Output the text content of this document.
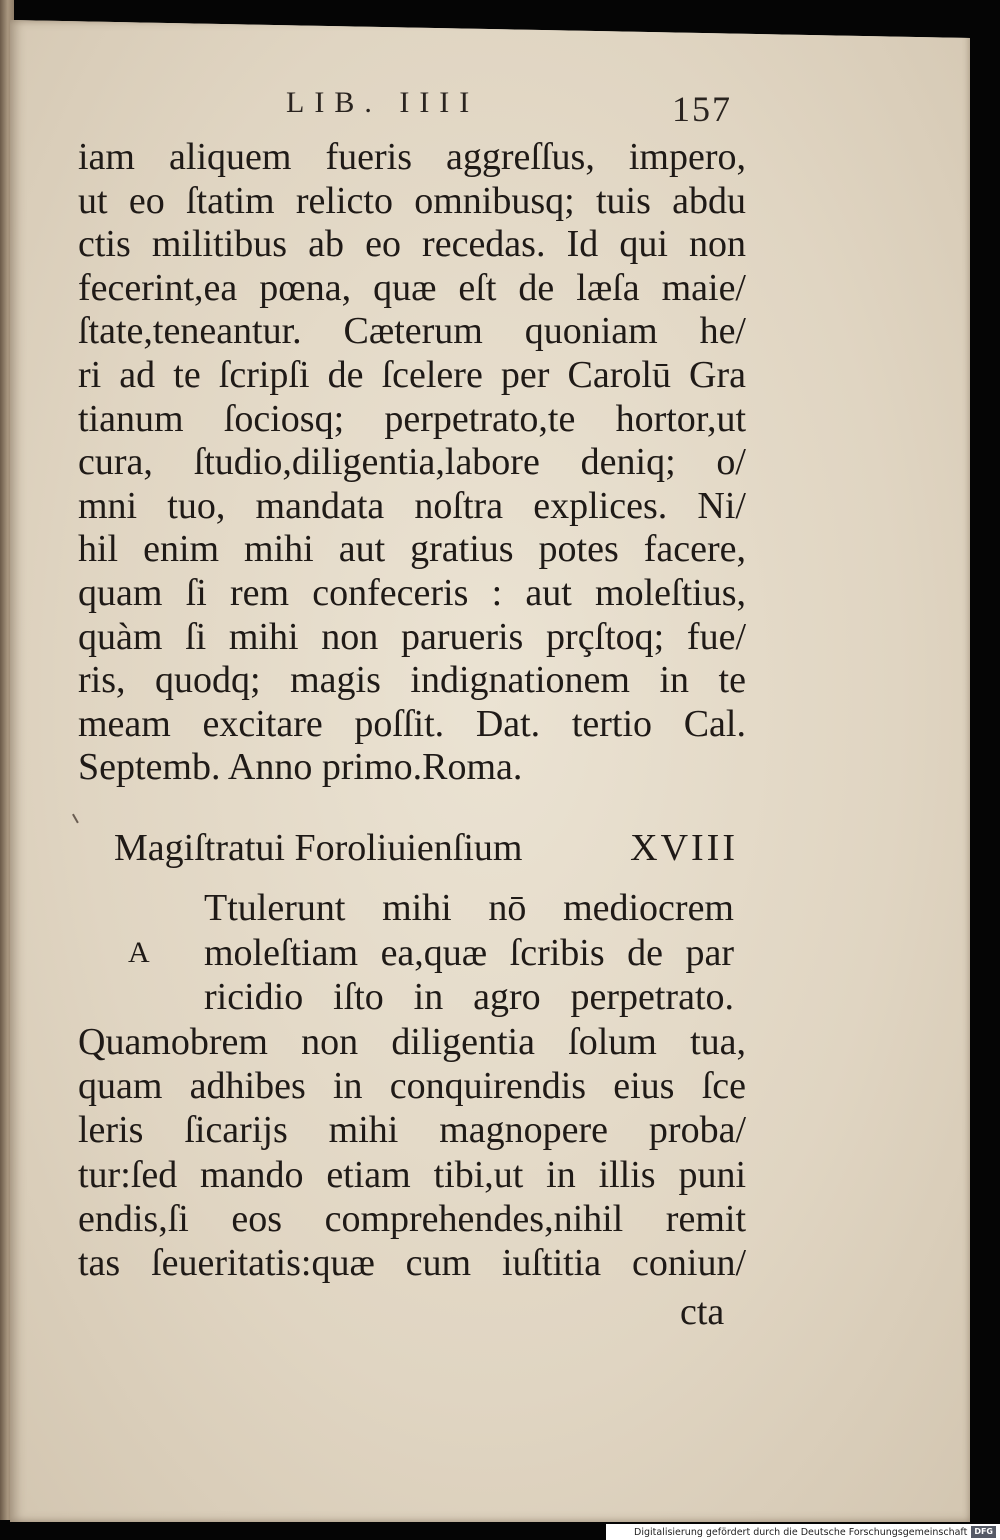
LIB. IIII	157
iam aliquem fueris aggreſſus, impero,
ut eo ſtatim relicto omnibusq; tuis abdu
ctis militibus ab eo recedas. Id qui non
fecerint,ea pœna, quæ eſt de læſa maie/
ſtate,teneantur. Cæterum quoniam he/
ri ad te ſcripſi de ſcelere per Carolū Gra
tianum ſociosq; perpetrato,te hortor,ut
cura, ſtudio,diligentia,labore deniq; o/
mni tuo, mandata noſtra explices. Ni/
hil enim mihi aut gratius potes facere,
quam ſi rem confeceris : aut moleſtius,
quàm ſi mihi non parueris prçſtoq; fue/
ris, quodq; magis indignationem in te
meam excitare poſſit. Dat. tertio Cal.
Septemb. Anno primo.Roma.
Magiſtratui Foroliuienſium	XVIII
A
Ttulerunt mihi nō mediocrem
moleſtiam ea,quæ ſcribis de par
ricidio iſto in agro perpetrato.
Quamobrem non diligentia ſolum tua,
quam adhibes in conquirendis eius ſce
leris ſicarijs mihi magnopere proba/
tur:ſed mando etiam tibi,ut in illis puni
endis,ſi eos comprehendes,nihil remit
tas ſeueritatis:quæ cum iuſtitia coniun/
cta
Digitalisierung gefördert durch die Deutsche Forschungsgemeinschaft DFG
